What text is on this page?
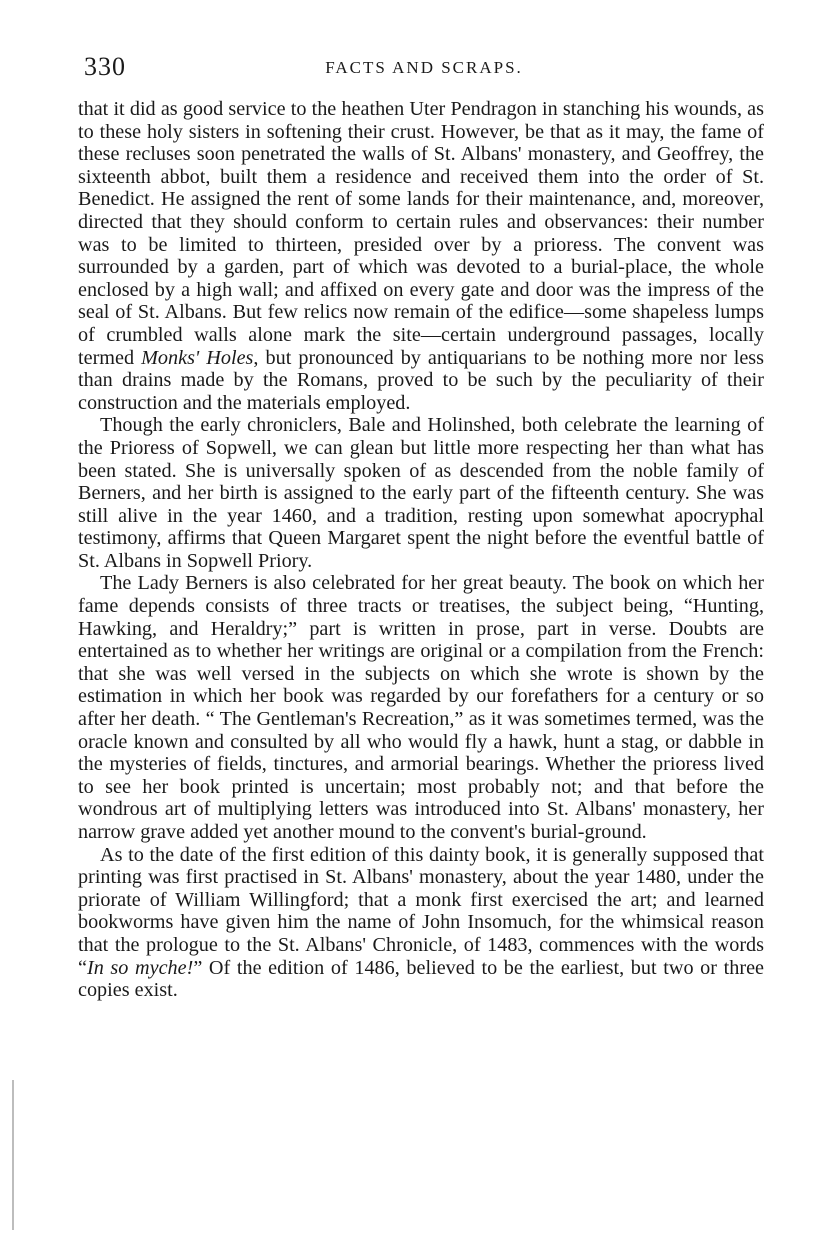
330	FACTS AND SCRAPS.

that it did as good service to the heathen Uter Pendragon in stanching his wounds, as to these holy sisters in softening their crust. However, be that as it may, the fame of these recluses soon penetrated the walls of St. Albans' monastery, and Geoffrey, the sixteenth abbot, built them a residence and received them into the order of St. Benedict. He assigned the rent of some lands for their maintenance, and, moreover, directed that they should conform to certain rules and observances: their number was to be limited to thirteen, presided over by a prioress. The convent was surrounded by a garden, part of which was devoted to a burial-place, the whole enclosed by a high wall; and affixed on every gate and door was the impress of the seal of St. Albans. But few relics now remain of the edifice—some shapeless lumps of crumbled walls alone mark the site—certain underground passages, locally termed Monks' Holes, but pronounced by antiquarians to be nothing more nor less than drains made by the Romans, proved to be such by the peculiarity of their construction and the materials employed.

Though the early chroniclers, Bale and Holinshed, both celebrate the learning of the Prioress of Sopwell, we can glean but little more respecting her than what has been stated. She is universally spoken of as descended from the noble family of Berners, and her birth is assigned to the early part of the fifteenth century. She was still alive in the year 1460, and a tradition, resting upon somewhat apocryphal testimony, affirms that Queen Margaret spent the night before the eventful battle of St. Albans in Sopwell Priory.

The Lady Berners is also celebrated for her great beauty. The book on which her fame depends consists of three tracts or treatises, the subject being, “Hunting, Hawking, and Heraldry;” part is written in prose, part in verse. Doubts are entertained as to whether her writings are original or a compilation from the French: that she was well versed in the subjects on which she wrote is shown by the estimation in which her book was regarded by our forefathers for a century or so after her death. “ The Gentleman's Recreation,” as it was sometimes termed, was the oracle known and consulted by all who would fly a hawk, hunt a stag, or dabble in the mysteries of fields, tinctures, and armorial bearings. Whether the prioress lived to see her book printed is uncertain; most probably not; and that before the wondrous art of multiplying letters was introduced into St. Albans' monastery, her narrow grave added yet another mound to the convent's burial-ground.

As to the date of the first edition of this dainty book, it is generally supposed that printing was first practised in St. Albans' monastery, about the year 1480, under the priorate of William Willingford; that a monk first exercised the art; and learned bookworms have given him the name of John Insomuch, for the whimsical reason that the prologue to the St. Albans' Chronicle, of 1483, commences with the words “In so myche!” Of the edition of 1486, believed to be the earliest, but two or three copies exist.
